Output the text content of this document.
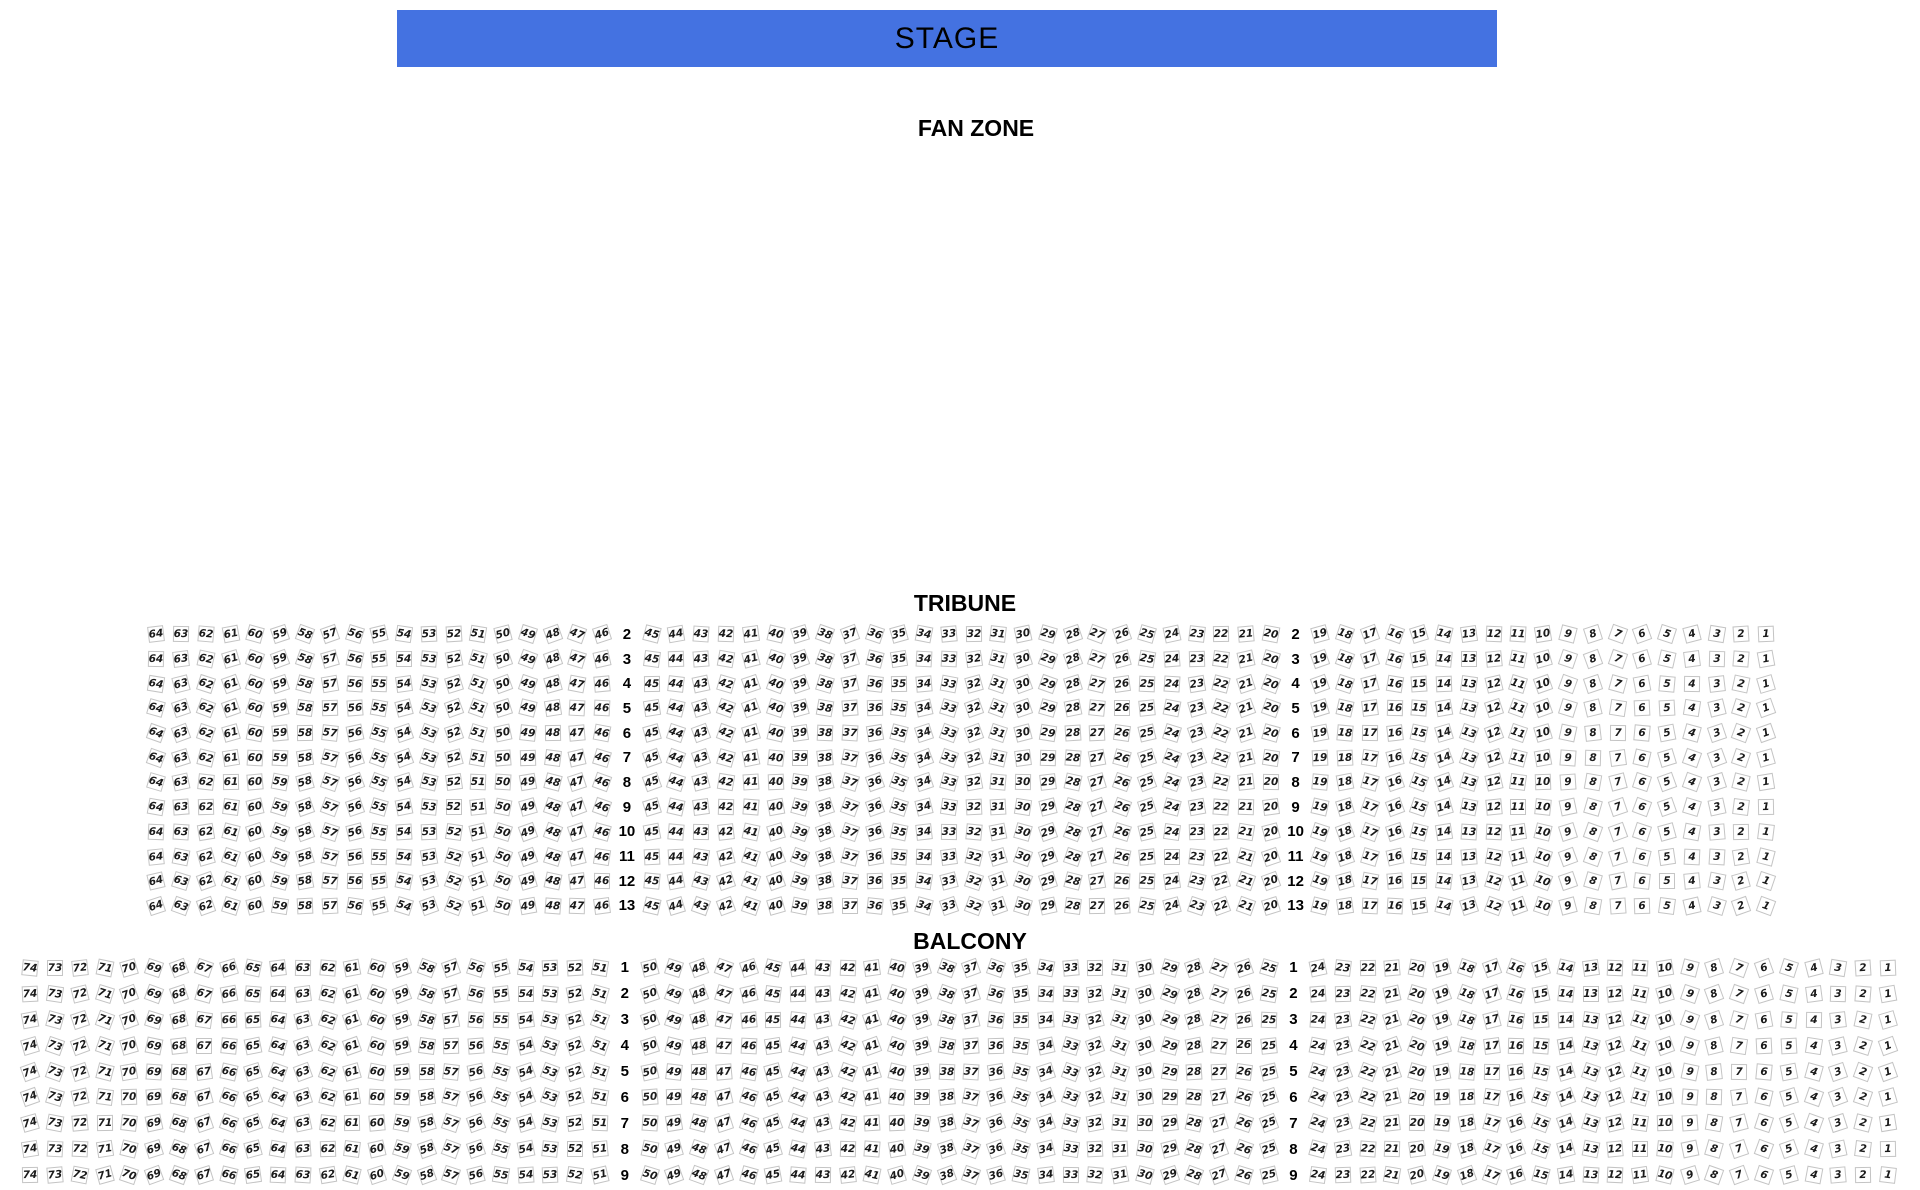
STAGE
FAN ZONE
TRIBUNE
64 63 62 61 60 59 58 57 56 55 54 53 52 51 50 49 48 47 46 2	45 44 43 42 41 40 39 38 37 36 35 34 33 32 31 30 29 28 27 26 25 24 23 22 21 20 2	19 18 17 16 15 14 13 12 11 10	9	8	7	6	5	4	3	2	1
64 63 62 61 60 59 58 57 56 55 54 53 52 51 50 49 48 47 46 3	45 44 43 42 41 40 39 38 37 36 35 34 33 32 31 30 29 28 27 26 25 24 23 22 21 20 3	19 18 17 16 15 14 13 12 11 10	9	8	7	6	5	4	3	2	1
64 63 62 61 60 59 58 57 56 55 54 53 52 51 50 49 48 47 46 4	45 44 43 42 41 40 39 38 37 36 35 34 33 32 31 30 29 28 27 26 25 24 23 22 21 20 4	19 18 17 16 15 14 13 12 11 10	9	8	7	6	5	4	3	2	1
64 63 62 61 60 59 58 57 56 55 54 53 52 51 50 49 48 47 46 5	45 44 43 42 41 40 39 38 37 36 35 34 33 32 31 30 29 28 27 26 25 24 23 22 21 20 5	19 18 17 16 15 14 13 12 11 10	9	8	7	6	5	4	3	2	1
64 63 62 61 60 59 58 57 56 55 54 53 52 51 50 49 48 47 46 6	45 44 43 42 41 40 39 38 37 36 35 34 33 32 31 30 29 28 27 26 25 24 23 22 21 20 6	19 18 17 16 15 14 13 12 11 10	9	8	7	6	5	4	3	2	1
64 63 62 61 60 59 58 57 56 55 54 53 52 51 50 49 48 47 46 7	45 44 43 42 41 40 39 38 37 36 35 34 33 32 31 30 29 28 27 26 25 24 23 22 21 20 7	19 18 17 16 15 14 13 12 11 10	9	8	7	6	5	4	3	2	1
64 63 62 61 60 59 58 57 56 55 54 53 52 51 50 49 48 47 46 8	45 44 43 42 41 40 39 38 37 36 35 34 33 32 31 30 29 28 27 26 25 24 23 22 21 20 8	19 18 17 16 15 14 13 12 11 10	9	8	7	6	5	4	3	2	1
64 63 62 61 60 59 58 57 56 55 54 53 52 51 50 49 48 47 46 9	45 44 43 42 41 40 39 38 37 36 35 34 33 32 31 30 29 28 27 26 25 24 23 22 21 20 9	19 18 17 16 15 14 13 12 11 10	9	8	7	6	5	4	3	2	1
64 63 62 61 60 59 58 57 56 55 54 53 52 51 50 49 48 47 46 10 45 44 43 42 41 40 39 38 37 36 35 34 33 32 31 30 29 28 27 26 25 24 23 22 21 20 10 19 18 17 16 15 14 13 12 11 10	9	8	7	6	5	4	3	2	1
64 63 62 61 60 59 58 57 56 55 54 53 52 51 50 49 48 47 46 11 45 44 43 42 41 40 39 38 37 36 35 34 33 32 31 30 29 28 27 26 25 24 23 22 21 20 11 19 18 17 16 15 14 13 12 11 10 9	8	7	6	5	4	3	2	1
64 63 62 61 60 59 58 57 56 55 54 53 52 51 50 49 48 47 46 12 45 44 43 42 41 40 39 38 37 36 35 34 33 32 31 30 29 28 27 26 25 24 23 22 21 20 12 19 18 17 16 15 14 13 12 11 10 9	8	7	6	5	4	3	2	1
64 63 62 61 60 59 58 57 56 55 54 53 52 51 50 49 48 47 46 13 45 44 43 42 41 40 39 38 37 36 35 34 33 32 31 30 29 28 27 26 25 24 23 22 21 20 13 19 18 17 16 15 14 13 12 11 10	9	8	7	6	5	4	3	2	1
BALCONY
74 73 72 71 70 69 68 67 66 65 64 63 62 61 60 59 58 57 56 55 54 53 52 51 1	50 49 48 47 46 45 44 43 42 41 40 39 38 37 36 35 34 33 32 31 30 29 28 27 26 25 1	24 23 22 21 20 19 18 17 16 15 14 13 12 11 10	9	8	7	6	5	4	3	2	1
74 73 72 71 70 69 68 67 66 65 64 63 62 61 60 59 58 57 56 55 54 53 52 51 2	50 49 48 47 46 45 44 43 42 41 40 39 38 37 36 35 34 33 32 31 30 29 28 27 26 25 2	24 23 22 21 20 19 18 17 16 15 14 13 12 11 10	9	8	7	6	5	4	3	2	1
74 73 72 71 70 69 68 67 66 65 64 63 62 61 60 59 58 57 56 55 54 53 52 51 3	50 49 48 47 46 45 44 43 42 41 40 39 38 37 36 35 34 33 32 31 30 29 28 27 26 25 3	24 23 22 21 20 19 18 17 16 15 14 13 12 11 10	9	8	7	6	5	4	3	2	1
74 73 72 71 70 69 68 67 66 65 64 63 62 61 60 59 58 57 56 55 54 53 52 51 4	50 49 48 47 46 45 44 43 42 41 40 39 38 37 36 35 34 33 32 31 30 29 28 27 26 25 4	24 23 22 21 20 19 18 17 16 15 14 13 12 11 10	9	8	7	6	5	4	3	2	1
74 73 72 71 70 69 68 67 66 65 64 63 62 61 60 59 58 57 56 55 54 53 52 51 5	50 49 48 47 46 45 44 43 42 41 40 39 38 37 36 35 34 33 32 31 30 29 28 27 26 25 5	24 23 22 21 20 19 18 17 16 15 14 13 12 11 10	9	8	7	6	5	4	3	2	1
74 73 72 71 70 69 68 67 66 65 64 63 62 61 60 59 58 57 56 55 54 53 52 51 6	50 49 48 47 46 45 44 43 42 41 40 39 38 37 36 35 34 33 32 31 30 29 28 27 26 25 6	24 23 22 21 20 19 18 17 16 15 14 13 12 11 10	9	8	7	6	5	4	3	2	1
74 73 72 71 70 69 68 67 66 65 64 63 62 61 60 59 58 57 56 55 54 53 52 51 7	50 49 48 47 46 45 44 43 42 41 40 39 38 37 36 35 34 33 32 31 30 29 28 27 26 25 7	24 23 22 21 20 19 18 17 16 15 14 13 12 11 10	9	8	7	6	5	4	3	2	1
74 73 72 71 70 69 68 67 66 65 64 63 62 61 60 59 58 57 56 55 54 53 52 51 8	50 49 48 47 46 45 44 43 42 41 40 39 38 37 36 35 34 33 32 31 30 29 28 27 26 25 8	24 23 22 21 20 19 18 17 16 15 14 13 12 11 10	9	8	7	6	5	4	3	2	1
74 73 72 71 70 69 68 67 66 65 64 63 62 61 60 59 58 57 56 55 54 53 52 51 9	50 49 48 47 46 45 44 43 42 41 40 39 38 37 36 35 34 33 32 31 30 29 28 27 26 25 9	24 23 22 21 20 19 18 17 16 15 14 13 12 11 10	9	8	7	6	5	4	3	2	1
